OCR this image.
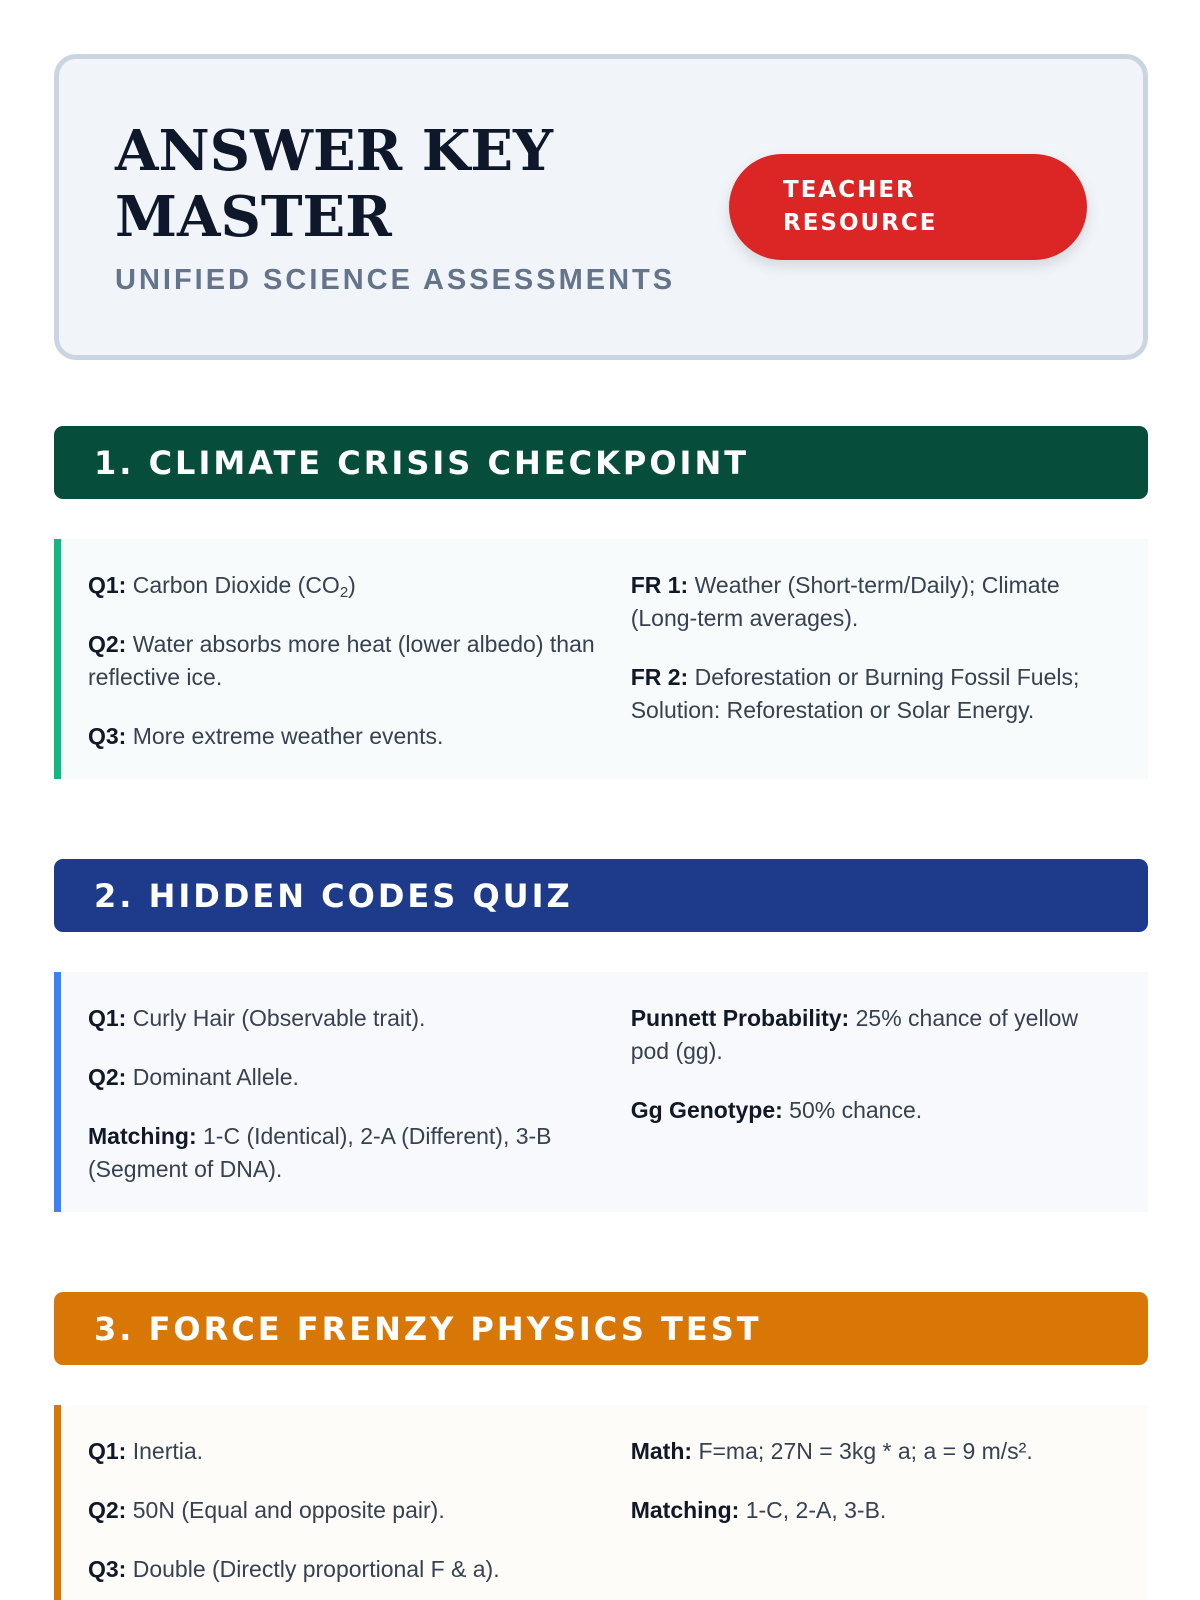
ANSWER KEY MASTER
UNIFIED SCIENCE ASSESSMENTS
TEACHER RESOURCE
1. CLIMATE CRISIS CHECKPOINT
Q1: Carbon Dioxide $(CO_2)$
Q2: Water absorbs more heat (lower albedo) than reflective ice.
Q3: More extreme weather events.
FR 1: Weather (Short-term/Daily); Climate (Long-term averages).
FR 2: Deforestation or Burning Fossil Fuels; Solution: Reforestation or Solar Energy.
2. HIDDEN CODES QUIZ
Q1: Curly Hair (Observable trait).
Q2: Dominant Allele.
Matching: 1-C (Identical), 2-A (Different), 3-B (Segment of DNA).
Punnett Probability: 25% chance of yellow pod (gg).
Gg Genotype: 50% chance.
3. FORCE FRENZY PHYSICS TEST
Q1: Inertia.
Q2: 50N (Equal and opposite pair).
Q3: Double (Directly proportional F & a).
Math: F=ma; 27N = 3kg * a; a = 9 m/s².
Matching: 1-C, 2-A, 3-B.
